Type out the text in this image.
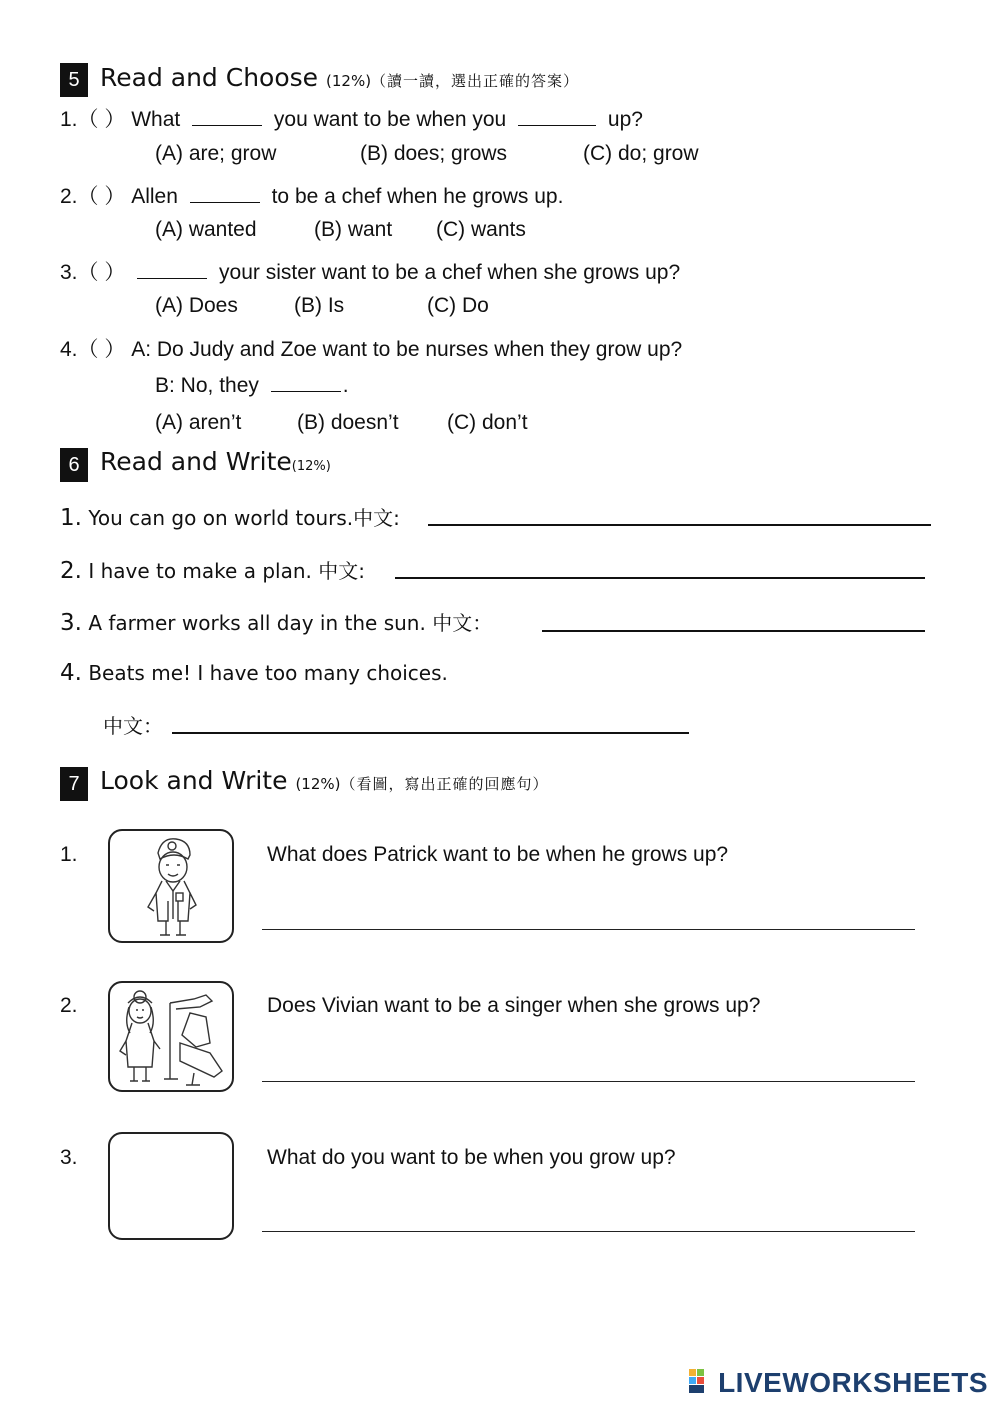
5 Read and Choose (12%)（讀一讀，選出正確的答案）
1.（ ） What	you want to be when you	up?
(A) are; grow	(B) does; grows	(C) do; grow
2.（ ） Allen	to be a chef when he grows up.
(A) wanted	(B) want (C) wants
3.（ ）	your sister want to be a chef when she grows up?
(A) Does	(B) Is	(C) Do
4.（ ） A: Do Judy and Zoe want to be nurses when they grow up?
B: No, they	.
(A) aren’t	(B) doesn’t (C) don’t
6 Read and Write(12%)
1. You can go on world tours.中文:
2. I have to make a plan. 中文:
3. A farmer works all day in the sun. 中文：
4. Beats me! I have too many choices.
中文：
7 Look and Write (12%)（看圖，寫出正確的回應句）
1.	What does Patrick want to be when he grows up?
2.	Does Vivian want to be a singer when she grows up?
3.	What do you want to be when you grow up?
LIVEWORKSHEETS
